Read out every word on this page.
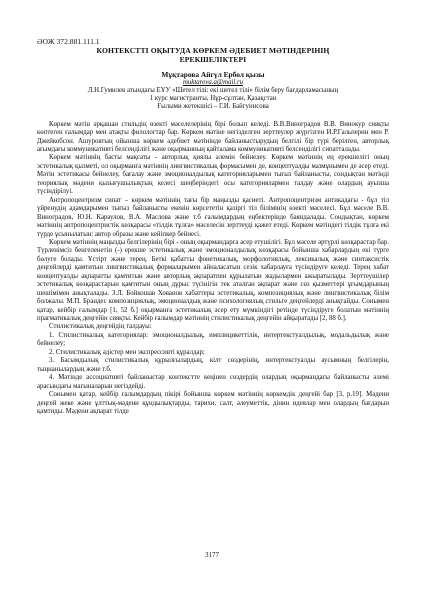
ӘОЖ 372.881.111.1

КОНТЕКСТТІ ОҚЫТУДА КӨРКЕМ ӘДЕБИЕТ МӘТІНДЕРІНІҢ

ЕРЕКШЕЛІКТЕРІ

Мұқтарова Айгүл Ербол қызы

muktarova.a@mail.ru

Л.Н.Гумилев атындағы ЕҰУ «Шетел тілі: екі шетел тілі» білім беру бағдарламасының

1 курс магистранты, Нұр-сұлтан, Қазақстан

Ғылыми жетекшісі – Г.И. Байгунисова

Көркем мәтін әрқашан стильдің өзекті мәселелерінің бірі болып келеді. В.В.Виноградов В.В. Винокур сияқты көптеген ғалымдар мен атақты филологтар бар. Көркем мәтіне негізделген зерттеулер жүргізген И.Р.Гальперин мен Р. Джейкобсон. Ашуровтың ойынша көркем әдебиет мәтінінде байланыстырудың белгілі бір түрі берілген, авторлық ағымдағы коммуникативті белсенділігі және оқырманның қайталама коммуникативті белсенділігі сипатталады.

Көркем мәтіннің басты мақсаты - авторлық қиялы әлемін бейнелеу. Көркем мәтіннің ең ерекшелігі оның эстетикалық қызметі, ол оқырманға мәтіннің лингвистикалық формасымен де, концептуалды мазмұнымен де әсер етеді. Мәтін эстетикасы бейнелеу, бағалау және эмоционалдылық категорияларымен тығыз байланысты, сондықтан мәтінді теориялық мәдени қызығушылықтың келесі шеңберіндегі осы категориялармен талдау және олардың ауызша түсіндірілуі.

Антропоцентризм сипат – көркем мәтіннің тағы бір маңызды қасиеті. Антропоцентризм антикадағы - бұл тіл үйренудің адамдарымен тығыз байланысты екенін көрсететін қазіргі тіл білімінің өзекті мәселесі. Бұл мәселе В.В. Виноградов, Ю.Н. Караулов, В.А. Маслова және т.б ғалымдардың еңбектерінде баяндалады. Сондықтан, көркем мәтіннің антропоцентристік көзқарасы «тілдік тұлға» мәселесін зерттеуді қажет етеді. Көркем мәтіндегі тілдік тұлға екі түрде ұсынылатын: автор образы және кейіпкер бейнесі.

Көркем мәтіннің маңызды белгілерінің бірі - оның оқырмандарға әсер етушілігі. Бұл мәселе әртүрлі көзқарастар бар. Түрленімсіз бенгеленетін (-) ерекше эстетикалық және эмоционалдылық көзқарасы бойынша хабарлардың екі түрге бөлуге болады. Ұстірт және терең. Беткі қабатты фонетикалық, морфологиялық, лексикалық және синтаксистік деңгейлерді қамтитын лингвистикалық формаларымен айналасатын сезік хабарлауға түсіндіруге келеді. Терең хабат концептуалды ақпаратты қамтитын және авторлық ақпаратпен құрылатын жадылармен ажыратылады. Зерттеушілер эстетикалық көзқарастарын қамтитын оның дұрыс түсінігін тек аталған ақпарат және сөз қызметтері ұғымдарының шешімімен анықталады. З.Л. Бойкошав Хованов хабаттеры эстетикалық, композициялық және лингвистикалық білім болжалы. М.П. Брандес композициялық, эмоционалдық және психологиялық стильге деңгейлерді анықтайды. Сонымен қатар, кейбір ғалымдар [1, 52 б.] оқырманға эстетикалық әсер ету мүмкіндігі ретінде түсіндіруге болатын мәтіннің прагматикалық деңгейін сияқты. Кейбір ғалымдар мәтіннің стилистикалық деңгейін айқыратады [2, 88 б.].

Стилистикалық деңгейдің талдауы:

1. Стилистикалық категориялар: эмоционалдылық, имплицикеттілік, интертекстуалдылық, модальдылық және бейнелеу;

2. Стилистикалық әдістер мен экспрессивті құралдар;

3. Басымдылық стилистикалық құрылғылардың, кілт сөздерінің, интертекстуалды аусымның белгілерін, тыңнанылардың және т.б.

4. Мәтінде ассоциативті байланыстар контекстте кеңінен сөздердің олардың оқырмандағы байланысты әлемі арасындағы мағыналарын негіздейді.

Сонымен қатар, кейбір ғалымдардың пікірі бойынша көркем мәтіннің көркемдік деңгейі бар [3, p.19]. Мәдени деңгей жеке және ұлттық-мәдени құндылықтарды, тарихи, салт, әлеуметтік, дінин идеялар мен олардың бағдарын қамтиды. Мәдени ақпарат тілде

3177
